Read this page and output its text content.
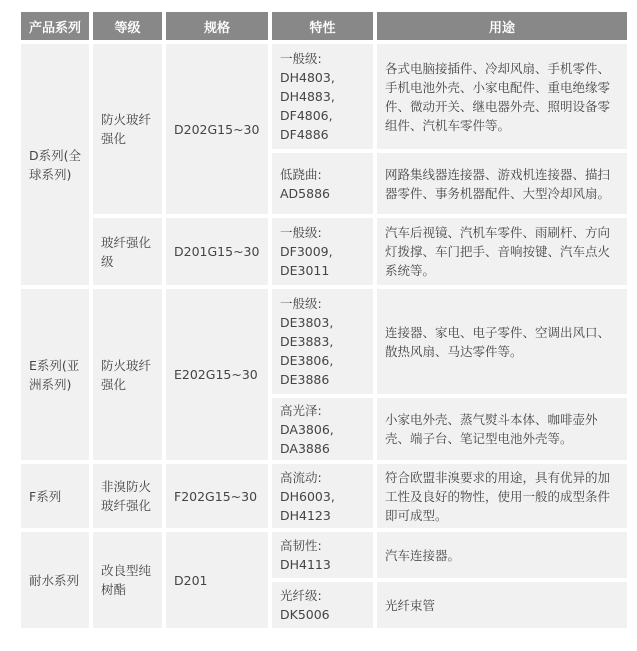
产品系列	等级	规格	特性	用途
D系列(全球系列)	防火玻纤强化	D202G15~30	一般级:
DH4803,
DH4883,
DF4806,
DF4886	各式电脑接插件、冷却风扇、手机零件、手机电池外壳、小家电配件、重电绝缘零件、微动开关、继电器外壳、照明设备零组件、汽机车零件等。

			低跷曲:
AD5886	网路集线器连接器、游戏机连接器、描扫器零件、事务机器配件、大型冷却风扇。
	玻纤强化级	D201G15~30	一般级:
DF3009,
DE3011	汽车后视镜、汽机车零件、雨刷杆、方向灯拨撑、车门把手、音响按键、汽车点火系统等。
E系列(亚洲系列)	防火玻纤强化	E202G15~30	一般级:
DE3803,
DE3883,
DE3806,
DE3886	连接器、家电、电子零件、空调出风口、散热风扇、马达零件等。

			高光泽:
DA3806,
DA3886	小家电外壳、蒸气熨斗本体、咖啡壶外壳、端子台、笔记型电池外壳等。
F系列	非溴防火玻纤强化	F202G15~30	高流动:
DH6003,
DH4123	符合欧盟非溴要求的用途，具有优异的加工性及良好的物性，使用一般的成型条件即可成型。
耐水系列	改良型纯树酯	D201	高韧性:
DH4113	汽车连接器。

			光纤级:
DK5006	光纤束管
